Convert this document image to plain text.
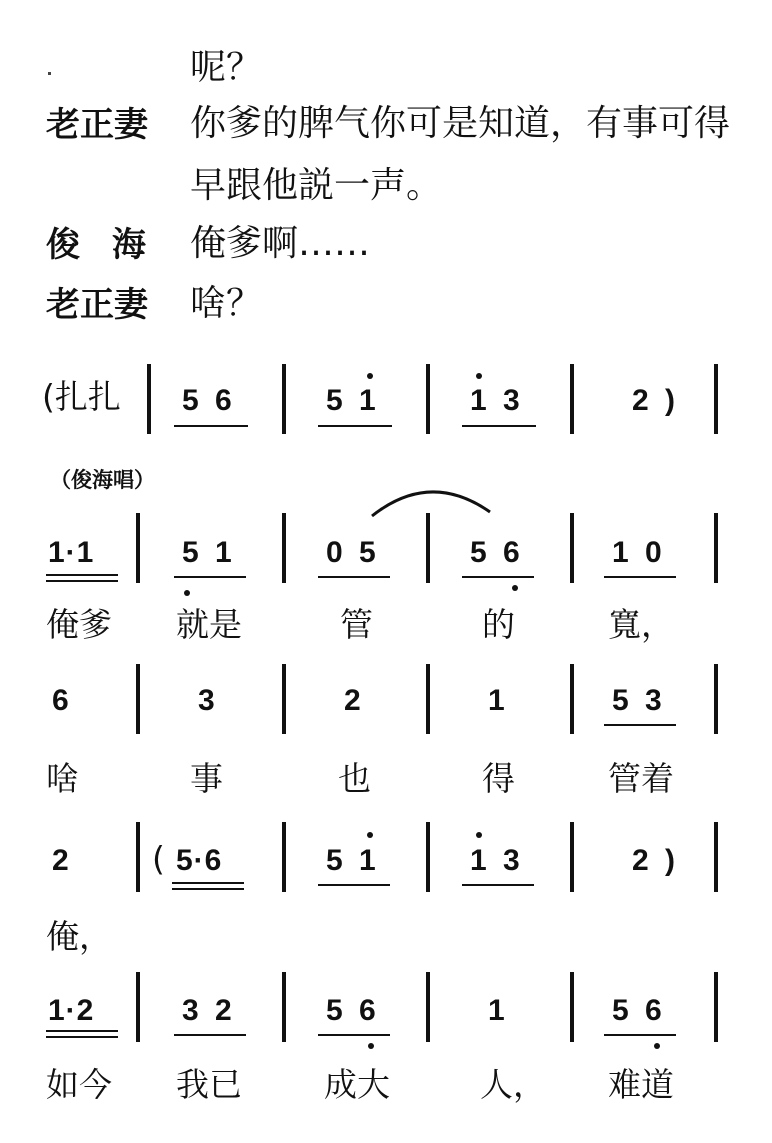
呢？
老正妻 你爹的脾气你可是知道，有事可得
早跟他説一声。
俊 海 俺爹啊……
老正妻 啥？
(扎扎 5 6	5 1	1 3	2 )
（俊海唱）
1·1	5 1	0 5	5 6	1 0
俺爹 就是	管	的	寬，
6	3	2	1	5 3
啥	事	也	得	管着
2 ( 5·6	5 1	1 3	2 )
俺，
1·2	3 2	5 6	1	5 6
如今 我已 成大	人， 难道
